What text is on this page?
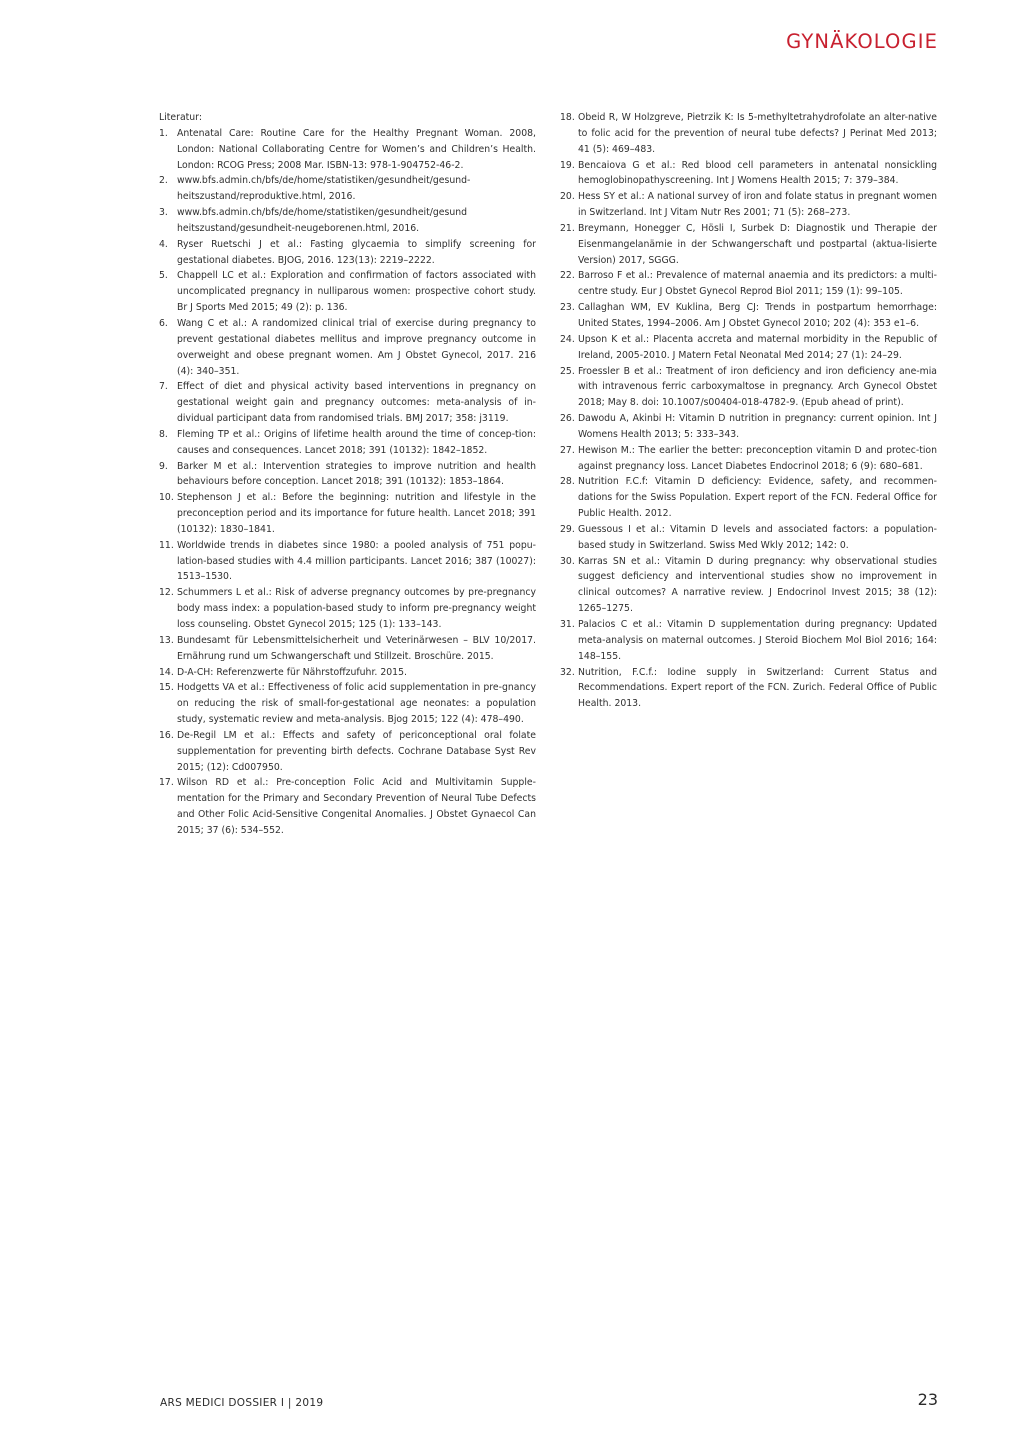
GYNÄKOLOGIE

Literatur:

1. Antenatal Care: Routine Care for the Healthy Pregnant Woman. 2008, London: National Collaborating Centre for Women’s and Children’s Health. London: RCOG Press; 2008 Mar. ISBN-13: 978-1-904752-46-2.
2. www.bfs.admin.ch/bfs/de/home/statistiken/gesundheit/gesund-heitszustand/reproduktive.html, 2016.
3. www.bfs.admin.ch/bfs/de/home/statistiken/gesundheit/gesund heitszustand/gesundheit-neugeborenen.html, 2016.
4. Ryser Ruetschi J et al.: Fasting glycaemia to simplify screening for gestational diabetes. BJOG, 2016. 123(13): 2219–2222.
5. Chappell LC et al.: Exploration and confirmation of factors associated with uncomplicated pregnancy in nulliparous women: prospective cohort study. Br J Sports Med 2015; 49 (2): p. 136.
6. Wang C et al.: A randomized clinical trial of exercise during pregnancy to prevent gestational diabetes mellitus and improve pregnancy outcome in overweight and obese pregnant women. Am J Obstet Gynecol, 2017. 216 (4): 340–351.
7. Effect of diet and physical activity based interventions in pregnancy on gestational weight gain and pregnancy outcomes: meta-analysis of in-dividual participant data from randomised trials. BMJ 2017; 358: j3119.
8. Fleming TP et al.: Origins of lifetime health around the time of concep-tion: causes and consequences. Lancet 2018; 391 (10132): 1842–1852.
9. Barker M et al.: Intervention strategies to improve nutrition and health behaviours before conception. Lancet 2018; 391 (10132): 1853–1864.
10. Stephenson J et al.: Before the beginning: nutrition and lifestyle in the preconception period and its importance for future health. Lancet 2018; 391 (10132): 1830–1841.
11. Worldwide trends in diabetes since 1980: a pooled analysis of 751 popu-lation-based studies with 4.4 million participants. Lancet 2016; 387 (10027): 1513–1530.
12. Schummers L et al.: Risk of adverse pregnancy outcomes by pre-pregnancy body mass index: a population-based study to inform pre-pregnancy weight loss counseling. Obstet Gynecol 2015; 125 (1): 133–143.
13. Bundesamt für Lebensmittelsicherheit und Veterinärwesen – BLV 10/2017. Ernährung rund um Schwangerschaft und Stillzeit. Broschüre. 2015.
14. D-A-CH: Referenzwerte für Nährstoffzufuhr. 2015.
15. Hodgetts VA et al.: Effectiveness of folic acid supplementation in pre-gnancy on reducing the risk of small-for-gestational age neonates: a population study, systematic review and meta-analysis. Bjog 2015; 122 (4): 478–490.
16. De-Regil LM et al.: Effects and safety of periconceptional oral folate supplementation for preventing birth defects. Cochrane Database Syst Rev 2015; (12): Cd007950.
17. Wilson RD et al.: Pre-conception Folic Acid and Multivitamin Supple-mentation for the Primary and Secondary Prevention of Neural Tube Defects and Other Folic Acid-Sensitive Congenital Anomalies. J Obstet Gynaecol Can 2015; 37 (6): 534–552.
18. Obeid R, W Holzgreve, Pietrzik K: Is 5-methyltetrahydrofolate an alter-native to folic acid for the prevention of neural tube defects? J Perinat Med 2013; 41 (5): 469–483.
19. Bencaiova G et al.: Red blood cell parameters in antenatal nonsickling hemoglobinopathyscreening. Int J Womens Health 2015; 7: 379–384.
20. Hess SY et al.: A national survey of iron and folate status in pregnant women in Switzerland. Int J Vitam Nutr Res 2001; 71 (5): 268–273.
21. Breymann, Honegger C, Hösli I, Surbek D: Diagnostik und Therapie der Eisenmangelanämie in der Schwangerschaft und postpartal (aktua-lisierte Version) 2017, SGGG.
22. Barroso F et al.: Prevalence of maternal anaemia and its predictors: a multi-centre study. Eur J Obstet Gynecol Reprod Biol 2011; 159 (1): 99–105.
23. Callaghan WM, EV Kuklina, Berg CJ: Trends in postpartum hemorrhage: United States, 1994–2006. Am J Obstet Gynecol 2010; 202 (4): 353 e1–6.
24. Upson K et al.: Placenta accreta and maternal morbidity in the Republic of Ireland, 2005-2010. J Matern Fetal Neonatal Med 2014; 27 (1): 24–29.
25. Froessler B et al.: Treatment of iron deficiency and iron deficiency ane-mia with intravenous ferric carboxymaltose in pregnancy. Arch Gynecol Obstet 2018; May 8. doi: 10.1007/s00404-018-4782-9. (Epub ahead of print).
26. Dawodu A, Akinbi H: Vitamin D nutrition in pregnancy: current opinion. Int J Womens Health 2013; 5: 333–343.
27. Hewison M.: The earlier the better: preconception vitamin D and protec-tion against pregnancy loss. Lancet Diabetes Endocrinol 2018; 6 (9): 680–681.
28. Nutrition F.C.f: Vitamin D deficiency: Evidence, safety, and recommen-dations for the Swiss Population. Expert report of the FCN. Federal Office for Public Health. 2012.
29. Guessous I et al.: Vitamin D levels and associated factors: a population-based study in Switzerland. Swiss Med Wkly 2012; 142: 0.
30. Karras SN et al.: Vitamin D during pregnancy: why observational studies suggest deficiency and interventional studies show no improvement in clinical outcomes? A narrative review. J Endocrinol Invest 2015; 38 (12): 1265–1275.
31. Palacios C et al.: Vitamin D supplementation during pregnancy: Updated meta-analysis on maternal outcomes. J Steroid Biochem Mol Biol 2016; 164: 148–155.
32. Nutrition, F.C.f.: Iodine supply in Switzerland: Current Status and Recommendations. Expert report of the FCN. Zurich. Federal Office of Public Health. 2013.
ARS MEDICI DOSSIER I | 2019	23
